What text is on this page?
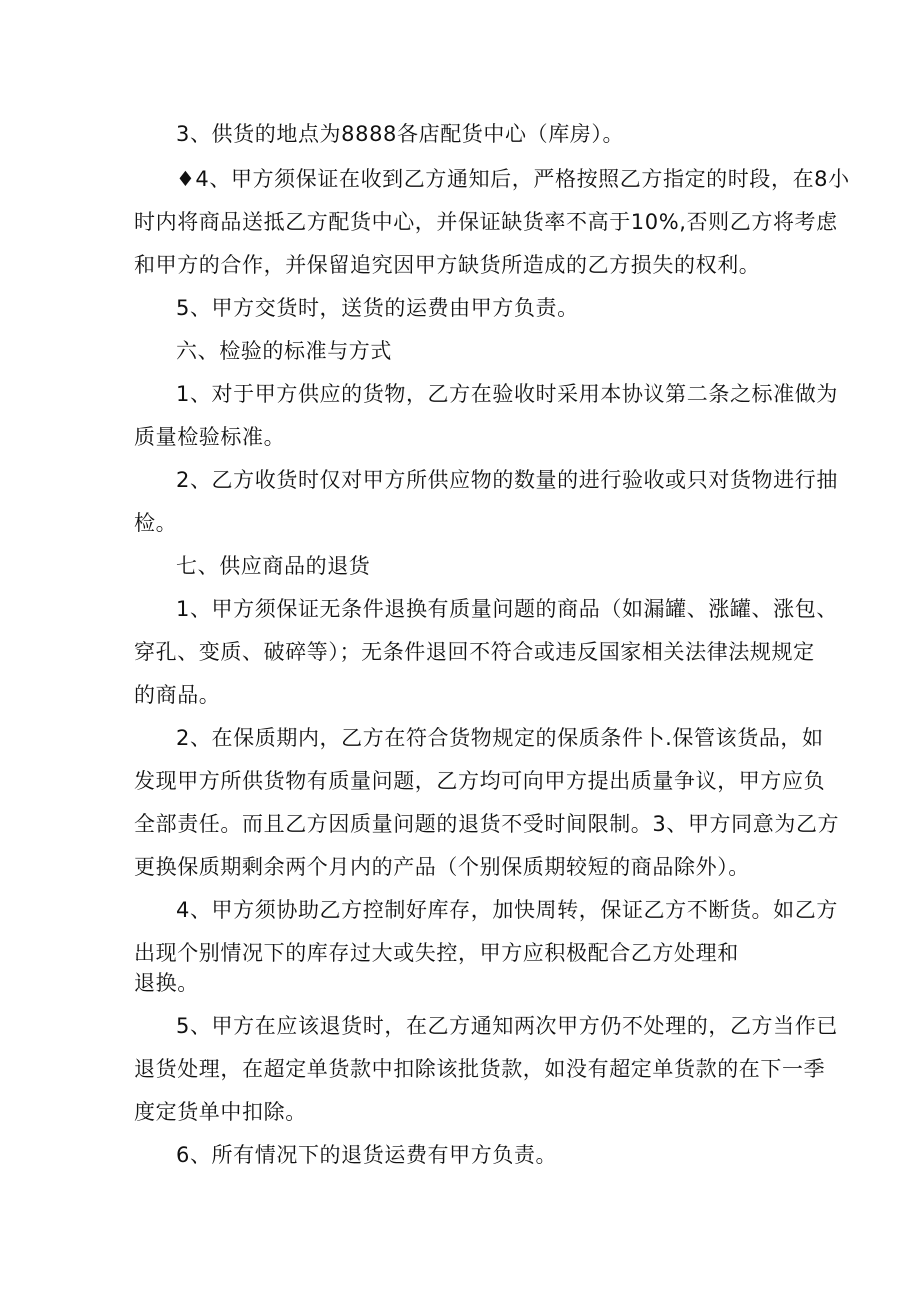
3、供货的地点为8888各店配货中心（库房）。
♦4、甲方须保证在收到乙方通知后，严格按照乙方指定的时段，在8小
时内将商品送抵乙方配货中心，并保证缺货率不高于10%,否则乙方将考虑
和甲方的合作，并保留追究因甲方缺货所造成的乙方损失的权利。
5、甲方交货时，送货的运费由甲方负责。
六、检验的标准与方式
1、对于甲方供应的货物，乙方在验收时采用本协议第二条之标准做为
质量检验标准。
2、乙方收货时仅对甲方所供应物的数量的进行验收或只对货物进行抽
检。
七、供应商品的退货
1、甲方须保证无条件退换有质量问题的商品（如漏罐、涨罐、涨包、
穿孔、变质、破碎等）；无条件退回不符合或违反国家相关法律法规规定
的商品。
2、在保质期内，乙方在符合货物规定的保质条件卜.保管该货品，如
发现甲方所供货物有质量问题，乙方均可向甲方提出质量争议，甲方应负
全部责任。而且乙方因质量问题的退货不受时间限制。3、甲方同意为乙方
更换保质期剩余两个月内的产品（个别保质期较短的商品除外）。
4、甲方须协助乙方控制好库存，加快周转，保证乙方不断货。如乙方
出现个别情况下的库存过大或失控，甲方应积极配合乙方处理和
退换。
5、甲方在应该退货时，在乙方通知两次甲方仍不处理的，乙方当作已
退货处理，在超定单货款中扣除该批货款，如没有超定单货款的在下一季
度定货单中扣除。
6、所有情况下的退货运费有甲方负责。
